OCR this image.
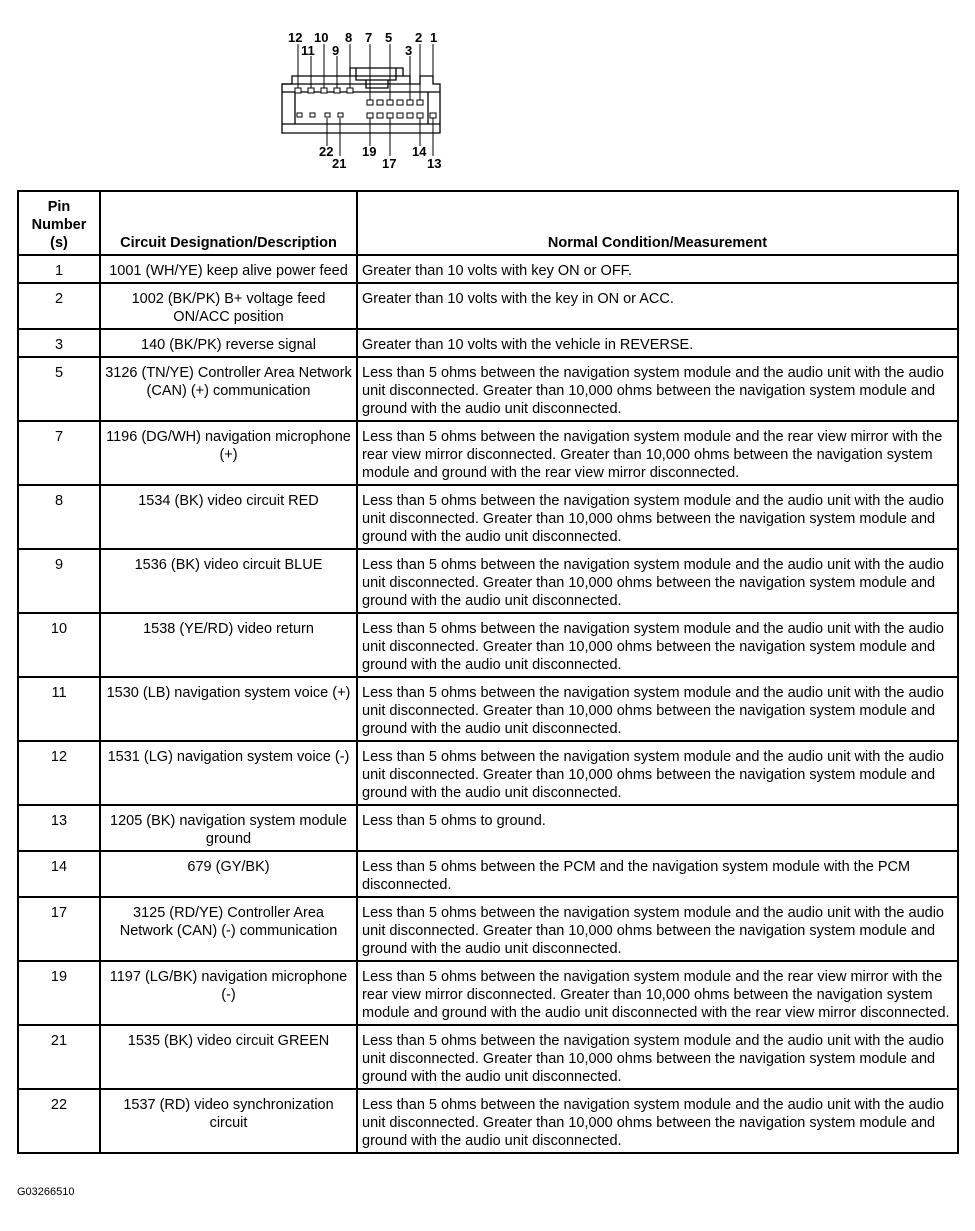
12
11
10
9
8 7 5
3
2 1
22
21
19
17
14
13
Pin Number (s)	Circuit Designation/Description	Normal Condition/Measurement
1	1001 (WH/YE) keep alive power feed	Greater than 10 volts with key ON or OFF.
2	1002 (BK/PK) B+ voltage feed ON/ACC position	Greater than 10 volts with the key in ON or ACC.
3	140 (BK/PK) reverse signal	Greater than 10 volts with the vehicle in REVERSE.
5	3126 (TN/YE) Controller Area Network (CAN) (+) communication	Less than 5 ohms between the navigation system module and the audio unit with the audio unit disconnected. Greater than 10,000 ohms between the navigation system module and ground with the audio unit disconnected.
7	1196 (DG/WH) navigation microphone (+)	Less than 5 ohms between the navigation system module and the rear view mirror with the rear view mirror disconnected. Greater than 10,000 ohms between the navigation system module and ground with the rear view mirror disconnected.
8	1534 (BK) video circuit RED	Less than 5 ohms between the navigation system module and the audio unit with the audio unit disconnected. Greater than 10,000 ohms between the navigation system module and ground with the audio unit disconnected.
9	1536 (BK) video circuit BLUE	Less than 5 ohms between the navigation system module and the audio unit with the audio unit disconnected. Greater than 10,000 ohms between the navigation system module and ground with the audio unit disconnected.
10	1538 (YE/RD) video return	Less than 5 ohms between the navigation system module and the audio unit with the audio unit disconnected. Greater than 10,000 ohms between the navigation system module and ground with the audio unit disconnected.
11	1530 (LB) navigation system voice (+)	Less than 5 ohms between the navigation system module and the audio unit with the audio unit disconnected. Greater than 10,000 ohms between the navigation system module and ground with the audio unit disconnected.
12	1531 (LG) navigation system voice (-)	Less than 5 ohms between the navigation system module and the audio unit with the audio unit disconnected. Greater than 10,000 ohms between the navigation system module and ground with the audio unit disconnected.
13	1205 (BK) navigation system module ground	Less than 5 ohms to ground.
14	679 (GY/BK)	Less than 5 ohms between the PCM and the navigation system module with the PCM disconnected.
17	3125 (RD/YE) Controller Area Network (CAN) (-) communication	Less than 5 ohms between the navigation system module and the audio unit with the audio unit disconnected. Greater than 10,000 ohms between the navigation system module and ground with the audio unit disconnected.
19	1197 (LG/BK) navigation microphone (-)	Less than 5 ohms between the navigation system module and the rear view mirror with the rear view mirror disconnected. Greater than 10,000 ohms between the navigation system module and ground with the audio unit disconnected with the rear view mirror disconnected.
21	1535 (BK) video circuit GREEN	Less than 5 ohms between the navigation system module and the audio unit with the audio unit disconnected. Greater than 10,000 ohms between the navigation system module and ground with the audio unit disconnected.
22	1537 (RD) video synchronization circuit	Less than 5 ohms between the navigation system module and the audio unit with the audio unit disconnected. Greater than 10,000 ohms between the navigation system module and ground with the audio unit disconnected.
G03266510
